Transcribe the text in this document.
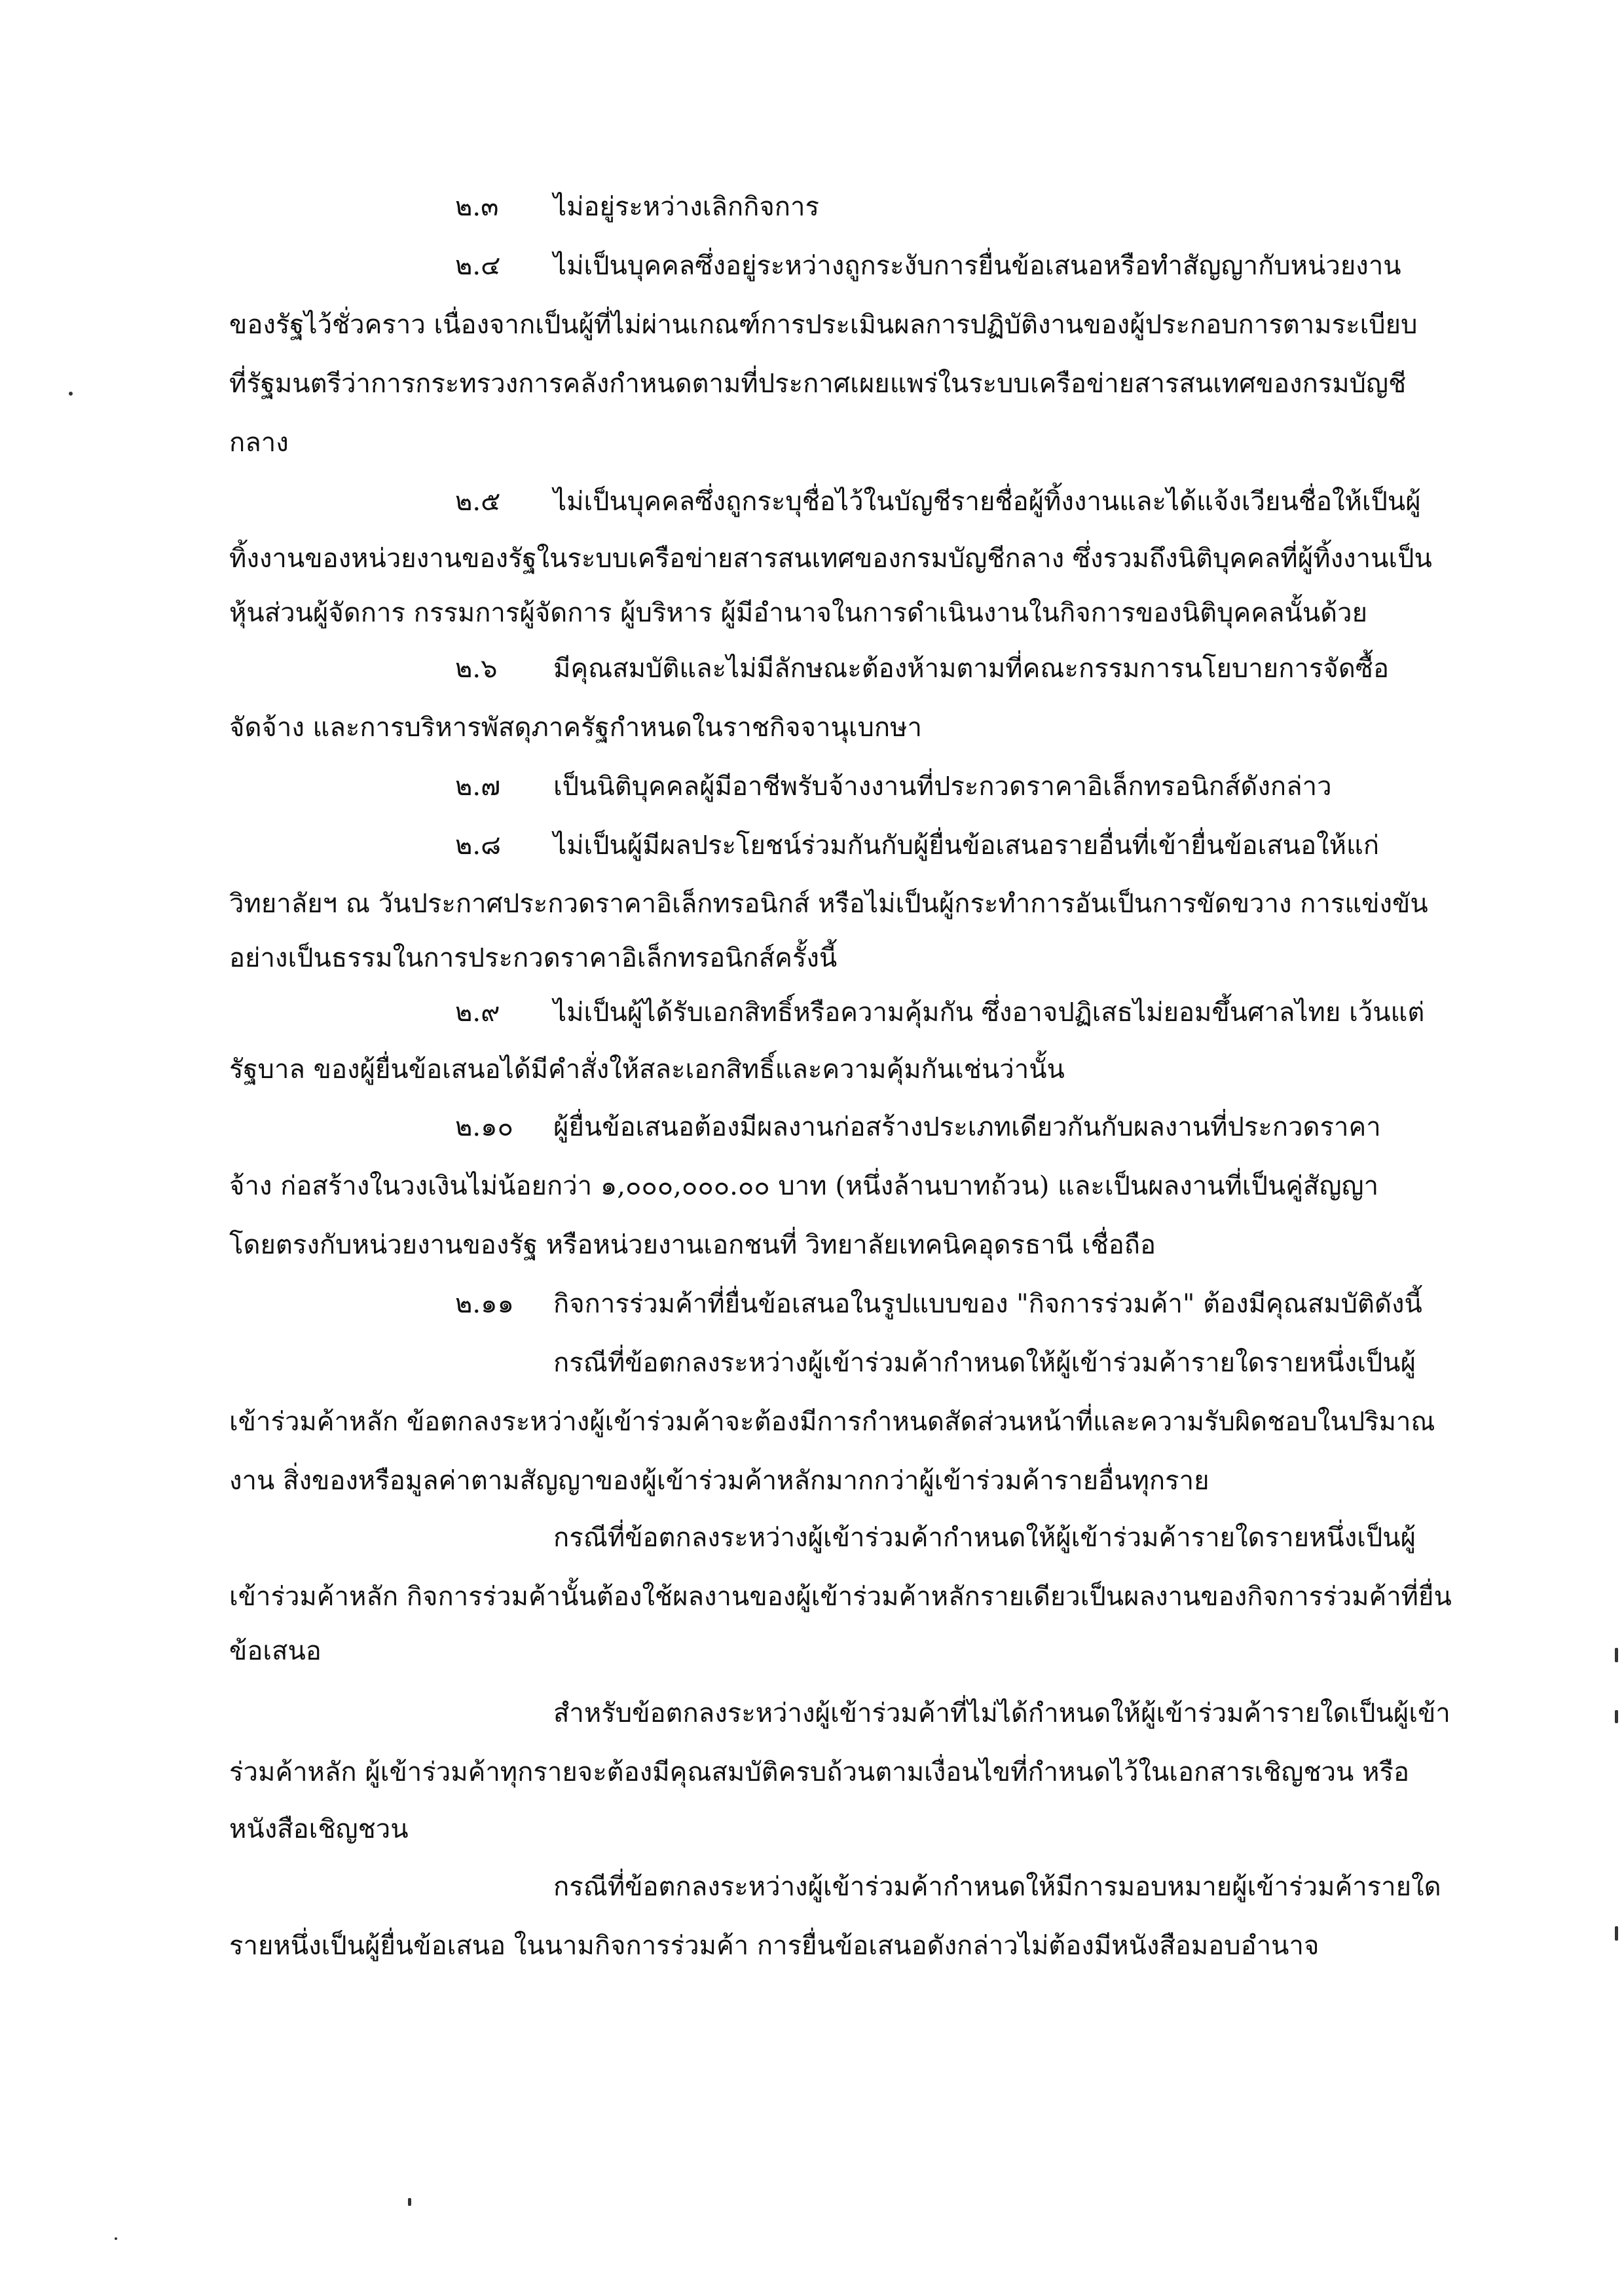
๒.๓ ไม่อยู่ระหว่างเลิกกิจการ
๒.๔ ไม่เป็นบุคคลซึ่งอยู่ระหว่างถูกระงับการยื่นข้อเสนอหรือทำสัญญากับหน่วยงาน
ของรัฐไว้ชั่วคราว เนื่องจากเป็นผู้ที่ไม่ผ่านเกณฑ์การประเมินผลการปฏิบัติงานของผู้ประกอบการตามระเบียบ
ที่รัฐมนตรีว่าการกระทรวงการคลังกำหนดตามที่ประกาศเผยแพร่ในระบบเครือข่ายสารสนเทศของกรมบัญชี
กลาง
๒.๕ ไม่เป็นบุคคลซึ่งถูกระบุชื่อไว้ในบัญชีรายชื่อผู้ทิ้งงานและได้แจ้งเวียนชื่อให้เป็นผู้
ทิ้งงานของหน่วยงานของรัฐในระบบเครือข่ายสารสนเทศของกรมบัญชีกลาง ซึ่งรวมถึงนิติบุคคลที่ผู้ทิ้งงานเป็น
หุ้นส่วนผู้จัดการ กรรมการผู้จัดการ ผู้บริหาร ผู้มีอำนาจในการดำเนินงานในกิจการของนิติบุคคลนั้นด้วย
๒.๖ มีคุณสมบัติและไม่มีลักษณะต้องห้ามตามที่คณะกรรมการนโยบายการจัดซื้อ
จัดจ้าง และการบริหารพัสดุภาครัฐกำหนดในราชกิจจานุเบกษา
๒.๗ เป็นนิติบุคคลผู้มีอาชีพรับจ้างงานที่ประกวดราคาอิเล็กทรอนิกส์ดังกล่าว
๒.๘ ไม่เป็นผู้มีผลประโยชน์ร่วมกันกับผู้ยื่นข้อเสนอรายอื่นที่เข้ายื่นข้อเสนอให้แก่
วิทยาลัยฯ ณ วันประกาศประกวดราคาอิเล็กทรอนิกส์ หรือไม่เป็นผู้กระทำการอันเป็นการขัดขวาง การแข่งขัน
อย่างเป็นธรรมในการประกวดราคาอิเล็กทรอนิกส์ครั้งนี้
๒.๙ ไม่เป็นผู้ได้รับเอกสิทธิ์หรือความคุ้มกัน ซึ่งอาจปฏิเสธไม่ยอมขึ้นศาลไทย เว้นแต่
รัฐบาล ของผู้ยื่นข้อเสนอได้มีคำสั่งให้สละเอกสิทธิ์และความคุ้มกันเช่นว่านั้น
๒.๑๐ ผู้ยื่นข้อเสนอต้องมีผลงานก่อสร้างประเภทเดียวกันกับผลงานที่ประกวดราคา
จ้าง ก่อสร้างในวงเงินไม่น้อยกว่า ๑,๐๐๐,๐๐๐.๐๐ บาท (หนึ่งล้านบาทถ้วน) และเป็นผลงานที่เป็นคู่สัญญา
โดยตรงกับหน่วยงานของรัฐ หรือหน่วยงานเอกชนที่ วิทยาลัยเทคนิคอุดรธานี เชื่อถือ
๒.๑๑ กิจการร่วมค้าที่ยื่นข้อเสนอในรูปแบบของ "กิจการร่วมค้า" ต้องมีคุณสมบัติดังนี้
กรณีที่ข้อตกลงระหว่างผู้เข้าร่วมค้ากำหนดให้ผู้เข้าร่วมค้ารายใดรายหนึ่งเป็นผู้
เข้าร่วมค้าหลัก ข้อตกลงระหว่างผู้เข้าร่วมค้าจะต้องมีการกำหนดสัดส่วนหน้าที่และความรับผิดชอบในปริมาณ
งาน สิ่งของหรือมูลค่าตามสัญญาของผู้เข้าร่วมค้าหลักมากกว่าผู้เข้าร่วมค้ารายอื่นทุกราย
กรณีที่ข้อตกลงระหว่างผู้เข้าร่วมค้ากำหนดให้ผู้เข้าร่วมค้ารายใดรายหนึ่งเป็นผู้
เข้าร่วมค้าหลัก กิจการร่วมค้านั้นต้องใช้ผลงานของผู้เข้าร่วมค้าหลักรายเดียวเป็นผลงานของกิจการร่วมค้าที่ยื่น
ข้อเสนอ
สำหรับข้อตกลงระหว่างผู้เข้าร่วมค้าที่ไม่ได้กำหนดให้ผู้เข้าร่วมค้ารายใดเป็นผู้เข้า
ร่วมค้าหลัก ผู้เข้าร่วมค้าทุกรายจะต้องมีคุณสมบัติครบถ้วนตามเงื่อนไขที่กำหนดไว้ในเอกสารเชิญชวน หรือ
หนังสือเชิญชวน
กรณีที่ข้อตกลงระหว่างผู้เข้าร่วมค้ากำหนดให้มีการมอบหมายผู้เข้าร่วมค้ารายใด
รายหนึ่งเป็นผู้ยื่นข้อเสนอ ในนามกิจการร่วมค้า การยื่นข้อเสนอดังกล่าวไม่ต้องมีหนังสือมอบอำนาจ
